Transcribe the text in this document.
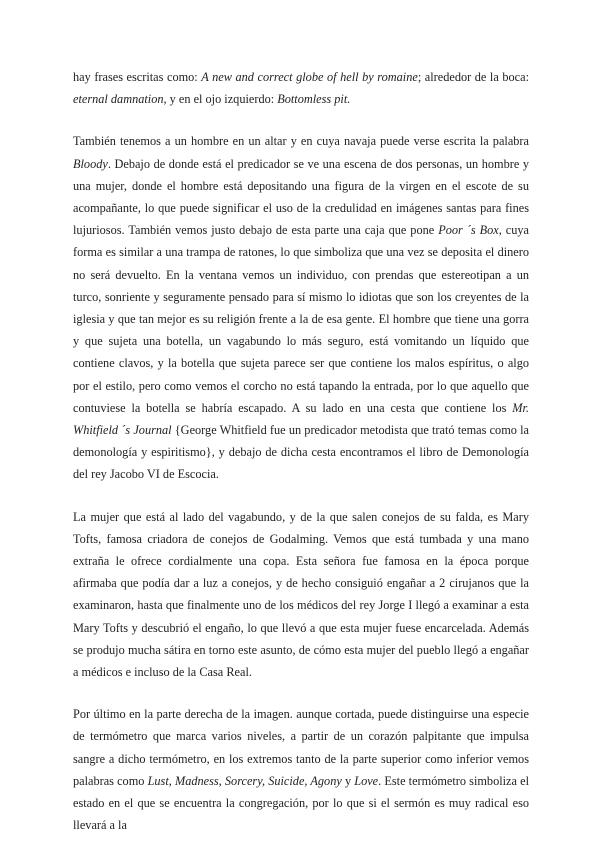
hay frases escritas como: A new and correct globe of hell by romaine; alrededor de la boca: eternal damnation, y en el ojo izquierdo: Bottomless pit.

También tenemos a un hombre en un altar y en cuya navaja puede verse escrita la palabra Bloody. Debajo de donde está el predicador se ve una escena de dos personas, un hombre y una mujer, donde el hombre está depositando una figura de la virgen en el escote de su acompañante, lo que puede significar el uso de la credulidad en imágenes santas para fines lujuriosos. También vemos justo debajo de esta parte una caja que pone Poor ´s Box, cuya forma es similar a una trampa de ratones, lo que simboliza que una vez se deposita el dinero no será devuelto. En la ventana vemos un individuo, con prendas que estereotipan a un turco, sonriente y seguramente pensado para sí mismo lo idiotas que son los creyentes de la iglesia y que tan mejor es su religión frente a la de esa gente. El hombre que tiene una gorra y que sujeta una botella, un vagabundo lo más seguro, está vomitando un líquido que contiene clavos, y la botella que sujeta parece ser que contiene los malos espíritus, o algo por el estilo, pero como vemos el corcho no está tapando la entrada, por lo que aquello que contuviese la botella se habría escapado. A su lado en una cesta que contiene los Mr. Whitfield ´s Journal {George Whitfield fue un predicador metodista que trató temas como la demonología y espiritismo}, y debajo de dicha cesta encontramos el libro de Demonología del rey Jacobo VI de Escocia.

La mujer que está al lado del vagabundo, y de la que salen conejos de su falda, es Mary Tofts, famosa criadora de conejos de Godalming. Vemos que está tumbada y una mano extraña le ofrece cordialmente una copa. Esta señora fue famosa en la época porque afirmaba que podía dar a luz a conejos, y de hecho consiguió engañar a 2 cirujanos que la examinaron, hasta que finalmente uno de los médicos del rey Jorge I llegó a examinar a esta Mary Tofts y descubrió el engaño, lo que llevó a que esta mujer fuese encarcelada. Además se produjo mucha sátira en torno este asunto, de cómo esta mujer del pueblo llegó a engañar a médicos e incluso de la Casa Real.

Por último en la parte derecha de la imagen. aunque cortada, puede distinguirse una especie de termómetro que marca varios niveles, a partir de un corazón palpitante que impulsa sangre a dicho termómetro, en los extremos tanto de la parte superior como inferior vemos palabras como Lust, Madness, Sorcery, Suicide, Agony y Love. Este termómetro simboliza el estado en el que se encuentra la congregación, por lo que si el sermón es muy radical eso llevará a la
